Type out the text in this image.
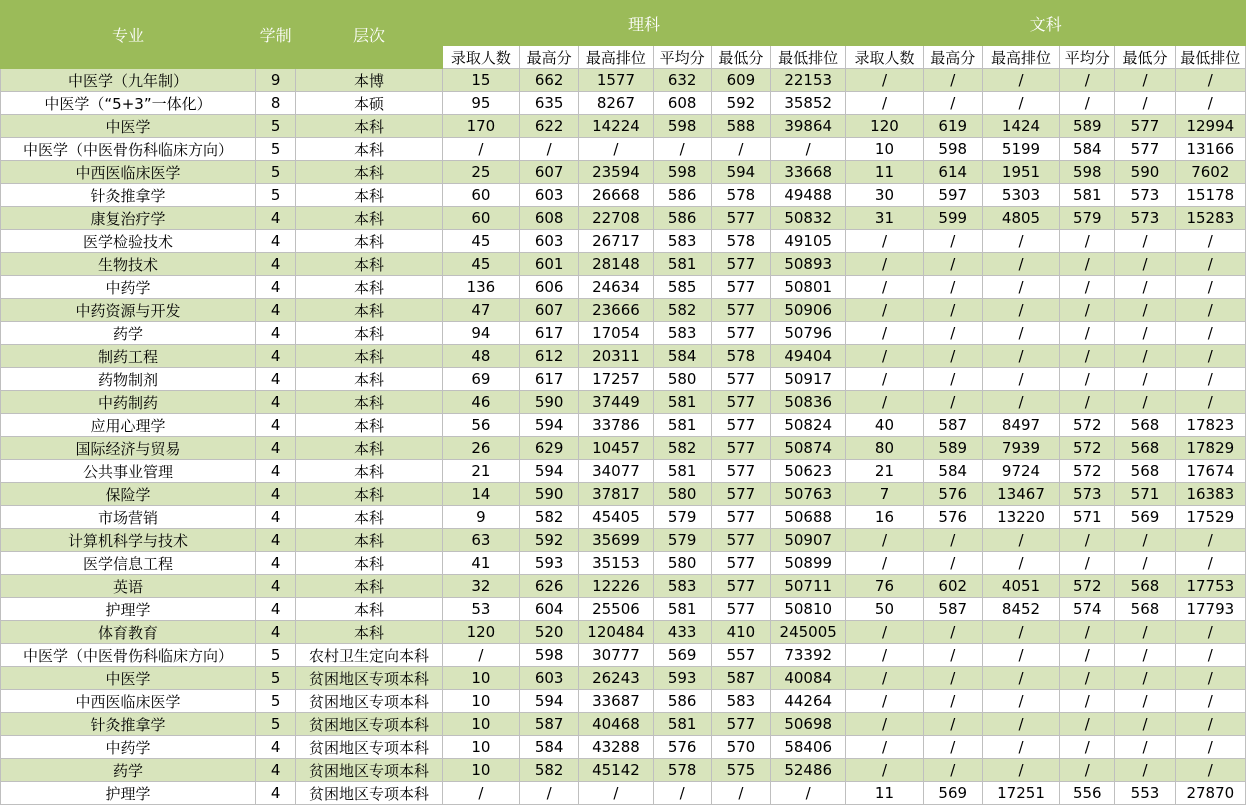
专业	学制	层次	理科						文科					
			录取人数	最高分	最高排位	平均分	最低分	最低排位	录取人数	最高分	最高排位	平均分	最低分	最低排位
中医学（九年制）	9	本博	15	662	1577	632	609	22153	/	/	/	/	/	/
中医学（“5+3”一体化）	8	本硕	95	635	8267	608	592	35852	/	/	/	/	/	/
中医学	5	本科	170	622	14224	598	588	39864	120	619	1424	589	577	12994
中医学（中医骨伤科临床方向）	5	本科	/	/	/	/	/	/	10	598	5199	584	577	13166
中西医临床医学	5	本科	25	607	23594	598	594	33668	11	614	1951	598	590	7602
针灸推拿学	5	本科	60	603	26668	586	578	49488	30	597	5303	581	573	15178
康复治疗学	4	本科	60	608	22708	586	577	50832	31	599	4805	579	573	15283
医学检验技术	4	本科	45	603	26717	583	578	49105	/	/	/	/	/	/
生物技术	4	本科	45	601	28148	581	577	50893	/	/	/	/	/	/
中药学	4	本科	136	606	24634	585	577	50801	/	/	/	/	/	/
中药资源与开发	4	本科	47	607	23666	582	577	50906	/	/	/	/	/	/
药学	4	本科	94	617	17054	583	577	50796	/	/	/	/	/	/
制药工程	4	本科	48	612	20311	584	578	49404	/	/	/	/	/	/
药物制剂	4	本科	69	617	17257	580	577	50917	/	/	/	/	/	/
中药制药	4	本科	46	590	37449	581	577	50836	/	/	/	/	/	/
应用心理学	4	本科	56	594	33786	581	577	50824	40	587	8497	572	568	17823
国际经济与贸易	4	本科	26	629	10457	582	577	50874	80	589	7939	572	568	17829
公共事业管理	4	本科	21	594	34077	581	577	50623	21	584	9724	572	568	17674
保险学	4	本科	14	590	37817	580	577	50763	7	576	13467	573	571	16383
市场营销	4	本科	9	582	45405	579	577	50688	16	576	13220	571	569	17529
计算机科学与技术	4	本科	63	592	35699	579	577	50907	/	/	/	/	/	/
医学信息工程	4	本科	41	593	35153	580	577	50899	/	/	/	/	/	/
英语	4	本科	32	626	12226	583	577	50711	76	602	4051	572	568	17753
护理学	4	本科	53	604	25506	581	577	50810	50	587	8452	574	568	17793
体育教育	4	本科	120	520	120484	433	410	245005	/	/	/	/	/	/
中医学（中医骨伤科临床方向）	5	农村卫生定向本科	/	598	30777	569	557	73392	/	/	/	/	/	/
中医学	5	贫困地区专项本科	10	603	26243	593	587	40084	/	/	/	/	/	/
中西医临床医学	5	贫困地区专项本科	10	594	33687	586	583	44264	/	/	/	/	/	/
针灸推拿学	5	贫困地区专项本科	10	587	40468	581	577	50698	/	/	/	/	/	/
中药学	4	贫困地区专项本科	10	584	43288	576	570	58406	/	/	/	/	/	/
药学	4	贫困地区专项本科	10	582	45142	578	575	52486	/	/	/	/	/	/
护理学	4	贫困地区专项本科	/	/	/	/	/	/	11	569	17251	556	553	27870
